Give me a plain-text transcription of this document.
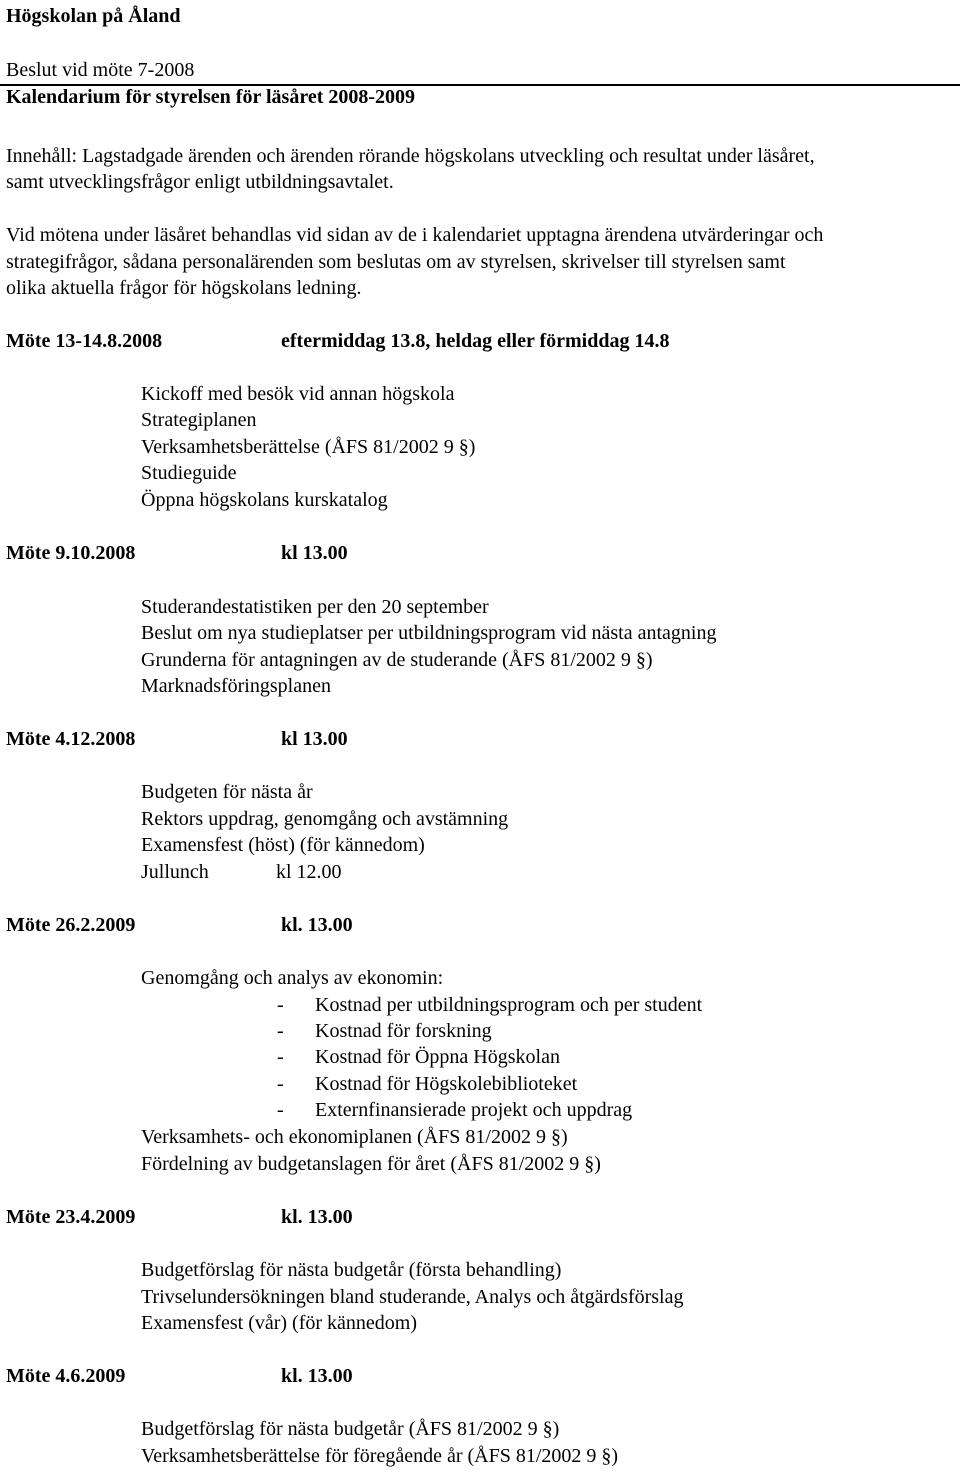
Högskolan på Åland
Beslut vid möte 7-2008
Kalendarium för styrelsen för läsåret 2008-2009
Innehåll: Lagstadgade ärenden och ärenden rörande högskolans utveckling och resultat under läsåret,
samt utvecklingsfrågor enligt utbildningsavtalet.
Vid mötena under läsåret behandlas vid sidan av de i kalendariet upptagna ärendena utvärderingar och
strategifrågor, sådana personalärenden som beslutas om av styrelsen, skrivelser till styrelsen samt
olika aktuella frågor för högskolans ledning.
Möte 13-14.8.2008	eftermiddag 13.8, heldag eller förmiddag 14.8
Kickoff med besök vid annan högskola
Strategiplanen
Verksamhetsberättelse (ÅFS 81/2002 9 §)
Studieguide
Öppna högskolans kurskatalog
Möte 9.10.2008	kl 13.00
Studerandestatistiken per den 20 september
Beslut om nya studieplatser per utbildningsprogram vid nästa antagning
Grunderna för antagningen av de studerande (ÅFS 81/2002 9 §)
Marknadsföringsplanen
Möte 4.12.2008	kl 13.00
Budgeten för nästa år
Rektors uppdrag, genomgång och avstämning
Examensfest (höst) (för kännedom)
Jullunch	kl 12.00
Möte 26.2.2009	kl. 13.00
Genomgång och analys av ekonomin:
- Kostnad per utbildningsprogram och per student
- Kostnad för forskning
- Kostnad för Öppna Högskolan
- Kostnad för Högskolebiblioteket
- Externfinansierade projekt och uppdrag
Verksamhets- och ekonomiplanen (ÅFS 81/2002 9 §)
Fördelning av budgetanslagen för året (ÅFS 81/2002 9 §)
Möte 23.4.2009	kl. 13.00
Budgetförslag för nästa budgetår (första behandling)
Trivselundersökningen bland studerande, Analys och åtgärdsförslag
Examensfest (vår) (för kännedom)
Möte 4.6.2009	kl. 13.00
Budgetförslag för nästa budgetår (ÅFS 81/2002 9 §)
Verksamhetsberättelse för föregående år (ÅFS 81/2002 9 §)
